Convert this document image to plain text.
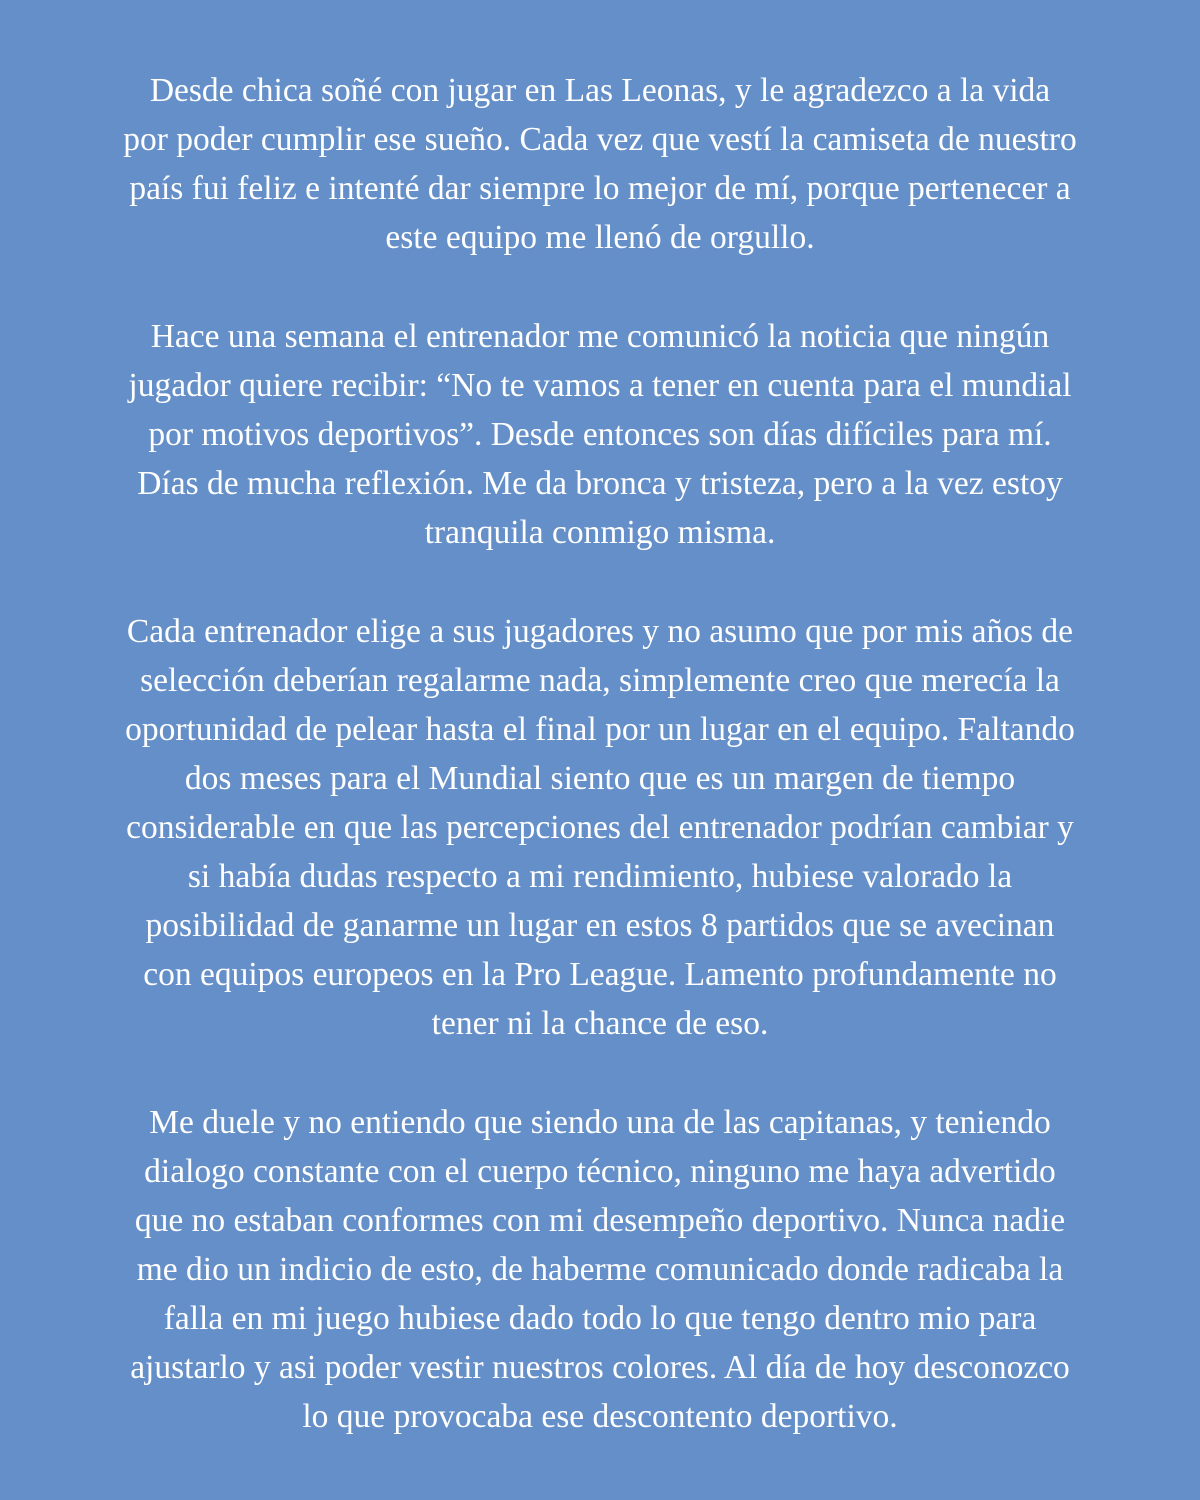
Desde chica soñé con jugar en Las Leonas, y le agradezco a la vida
por poder cumplir ese sueño. Cada vez que vestí la camiseta de nuestro
país fui feliz e intenté dar siempre lo mejor de mí, porque pertenecer a
este equipo me llenó de orgullo.
Hace una semana el entrenador me comunicó la noticia que ningún
jugador quiere recibir: “No te vamos a tener en cuenta para el mundial
por motivos deportivos”. Desde entonces son días difíciles para mí.
Días de mucha reflexión. Me da bronca y tristeza, pero a la vez estoy
tranquila conmigo misma.
Cada entrenador elige a sus jugadores y no asumo que por mis años de
selección deberían regalarme nada, simplemente creo que merecía la
oportunidad de pelear hasta el final por un lugar en el equipo. Faltando
dos meses para el Mundial siento que es un margen de tiempo
considerable en que las percepciones del entrenador podrían cambiar y
si había dudas respecto a mi rendimiento, hubiese valorado la
posibilidad de ganarme un lugar en estos 8 partidos que se avecinan
con equipos europeos en la Pro League. Lamento profundamente no
tener ni la chance de eso.
Me duele y no entiendo que siendo una de las capitanas, y teniendo
dialogo constante con el cuerpo técnico, ninguno me haya advertido
que no estaban conformes con mi desempeño deportivo. Nunca nadie
me dio un indicio de esto, de haberme comunicado donde radicaba la
falla en mi juego hubiese dado todo lo que tengo dentro mio para
ajustarlo y asi poder vestir nuestros colores. Al día de hoy desconozco
lo que provocaba ese descontento deportivo.
